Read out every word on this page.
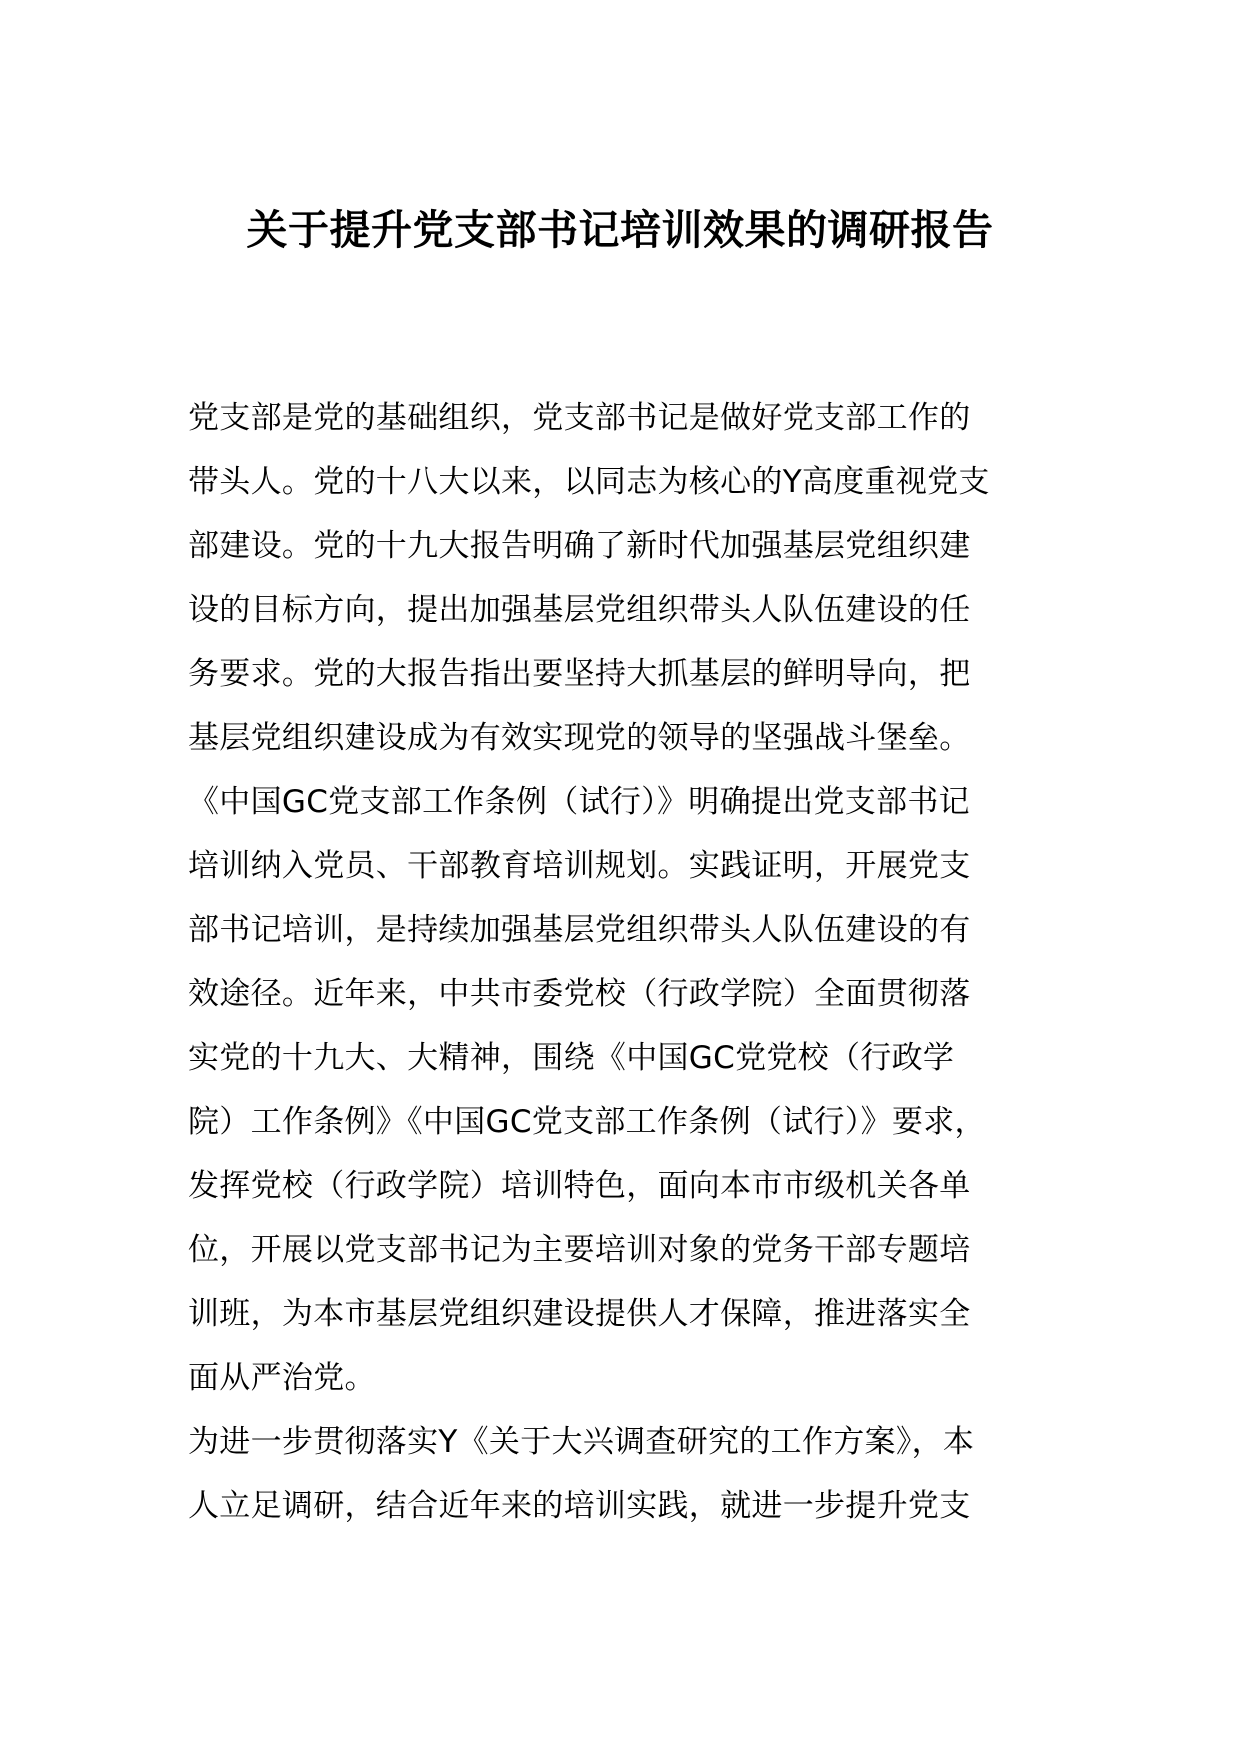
关于提升党支部书记培训效果的调研报告
党支部是党的基础组织，党支部书记是做好党支部工作的
带头人。党的十八大以来，以同志为核心的Y高度重视党支
部建设。党的十九大报告明确了新时代加强基层党组织建
设的目标方向，提出加强基层党组织带头人队伍建设的任
务要求。党的大报告指出要坚持大抓基层的鲜明导向，把
基层党组织建设成为有效实现党的领导的坚强战斗堡垒。
《中国GC党支部工作条例（试行）》明确提出党支部书记
培训纳入党员、干部教育培训规划。实践证明，开展党支
部书记培训，是持续加强基层党组织带头人队伍建设的有
效途径。近年来，中共市委党校（行政学院）全面贯彻落
实党的十九大、大精神，围绕《中国GC党党校（行政学
院）工作条例》《中国GC党支部工作条例（试行）》要求，
发挥党校（行政学院）培训特色，面向本市市级机关各单
位，开展以党支部书记为主要培训对象的党务干部专题培
训班，为本市基层党组织建设提供人才保障，推进落实全
面从严治党。
为进一步贯彻落实Y《关于大兴调查研究的工作方案》，本
人立足调研，结合近年来的培训实践，就进一步提升党支
